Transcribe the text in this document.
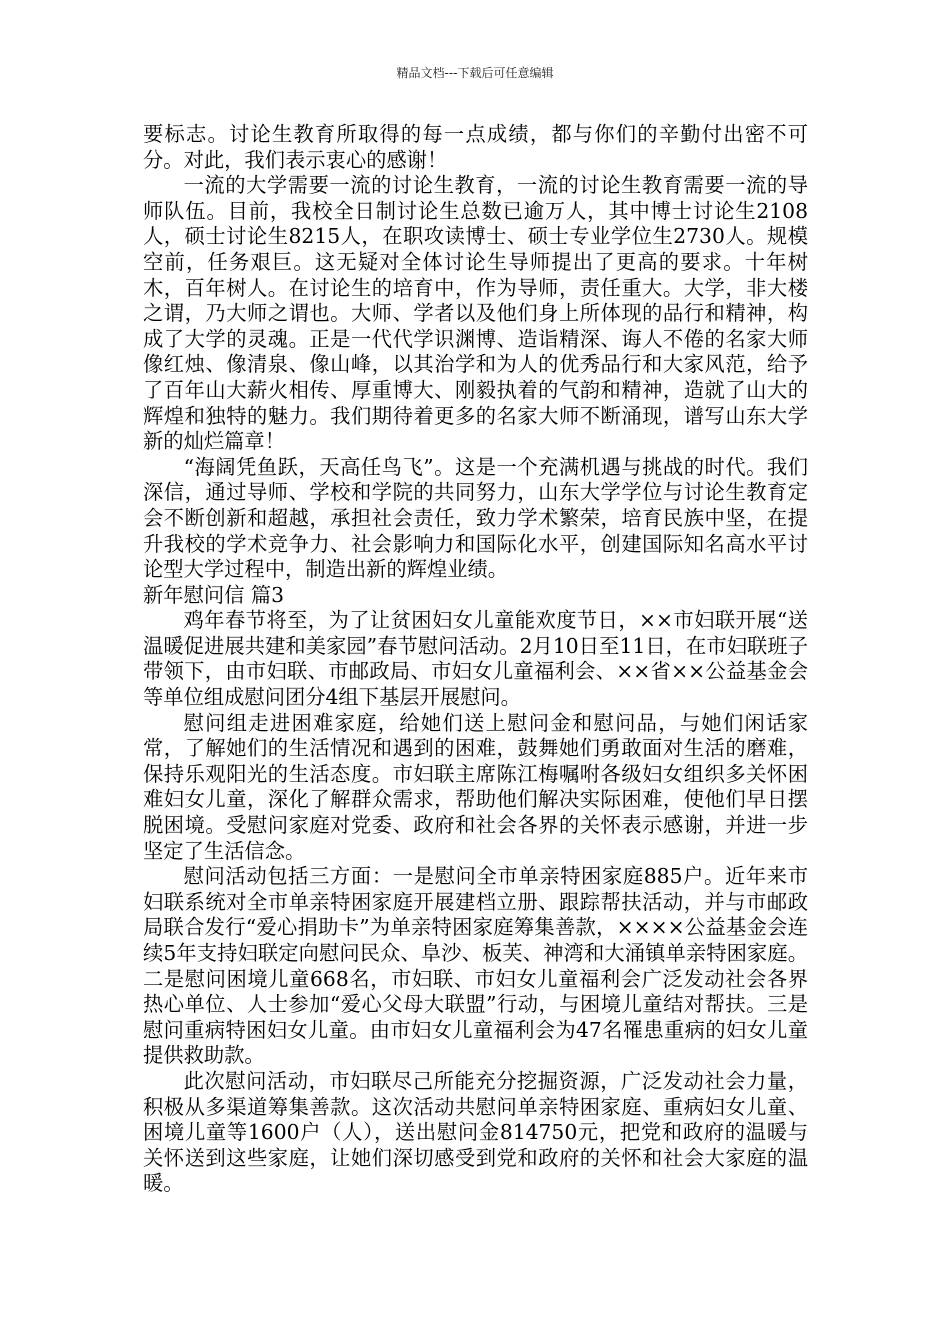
精品文档---下载后可任意编辑

要标志。讨论生教育所取得的每一点成绩，都与你们的辛勤付出密不可分。对此，我们表示衷心的感谢！

一流的大学需要一流的讨论生教育，一流的讨论生教育需要一流的导师队伍。目前，我校全日制讨论生总数已逾万人，其中博士讨论生2108人，硕士讨论生8215人，在职攻读博士、硕士专业学位生2730人。规模空前，任务艰巨。这无疑对全体讨论生导师提出了更高的要求。十年树木，百年树人。在讨论生的培育中，作为导师，责任重大。大学，非大楼之谓，乃大师之谓也。大师、学者以及他们身上所体现的品行和精神，构成了大学的灵魂。正是一代代学识渊博、造诣精深、诲人不倦的名家大师像红烛、像清泉、像山峰，以其治学和为人的优秀品行和大家风范，给予了百年山大薪火相传、厚重博大、刚毅执着的气韵和精神，造就了山大的辉煌和独特的魅力。我们期待着更多的名家大师不断涌现，谱写山东大学新的灿烂篇章！

“海阔凭鱼跃，天高任鸟飞”。这是一个充满机遇与挑战的时代。我们深信，通过导师、学校和学院的共同努力，山东大学学位与讨论生教育定会不断创新和超越，承担社会责任，致力学术繁荣，培育民族中坚，在提升我校的学术竞争力、社会影响力和国际化水平，创建国际知名高水平讨论型大学过程中，制造出新的辉煌业绩。

新年慰问信 篇3

鸡年春节将至，为了让贫困妇女儿童能欢度节日，××市妇联开展“送温暖促进展共建和美家园”春节慰问活动。2月10日至11日，在市妇联班子带领下，由市妇联、市邮政局、市妇女儿童福利会、××省××公益基金会等单位组成慰问团分4组下基层开展慰问。

慰问组走进困难家庭，给她们送上慰问金和慰问品，与她们闲话家常，了解她们的生活情况和遇到的困难，鼓舞她们勇敢面对生活的磨难，保持乐观阳光的生活态度。市妇联主席陈江梅嘱咐各级妇女组织多关怀困难妇女儿童，深化了解群众需求，帮助他们解决实际困难，使他们早日摆脱困境。受慰问家庭对党委、政府和社会各界的关怀表示感谢，并进一步坚定了生活信念。

慰问活动包括三方面：一是慰问全市单亲特困家庭885户。近年来市妇联系统对全市单亲特困家庭开展建档立册、跟踪帮扶活动，并与市邮政局联合发行“爱心捐助卡”为单亲特困家庭筹集善款，××××公益基金会连续5年支持妇联定向慰问民众、阜沙、板芙、神湾和大涌镇单亲特困家庭。二是慰问困境儿童668名，市妇联、市妇女儿童福利会广泛发动社会各界热心单位、人士参加“爱心父母大联盟”行动，与困境儿童结对帮扶。三是慰问重病特困妇女儿童。由市妇女儿童福利会为47名罹患重病的妇女儿童提供救助款。

此次慰问活动，市妇联尽己所能充分挖掘资源，广泛发动社会力量，积极从多渠道筹集善款。这次活动共慰问单亲特困家庭、重病妇女儿童、困境儿童等1600户（人），送出慰问金814750元，把党和政府的温暖与关怀送到这些家庭，让她们深切感受到党和政府的关怀和社会大家庭的温暖。
